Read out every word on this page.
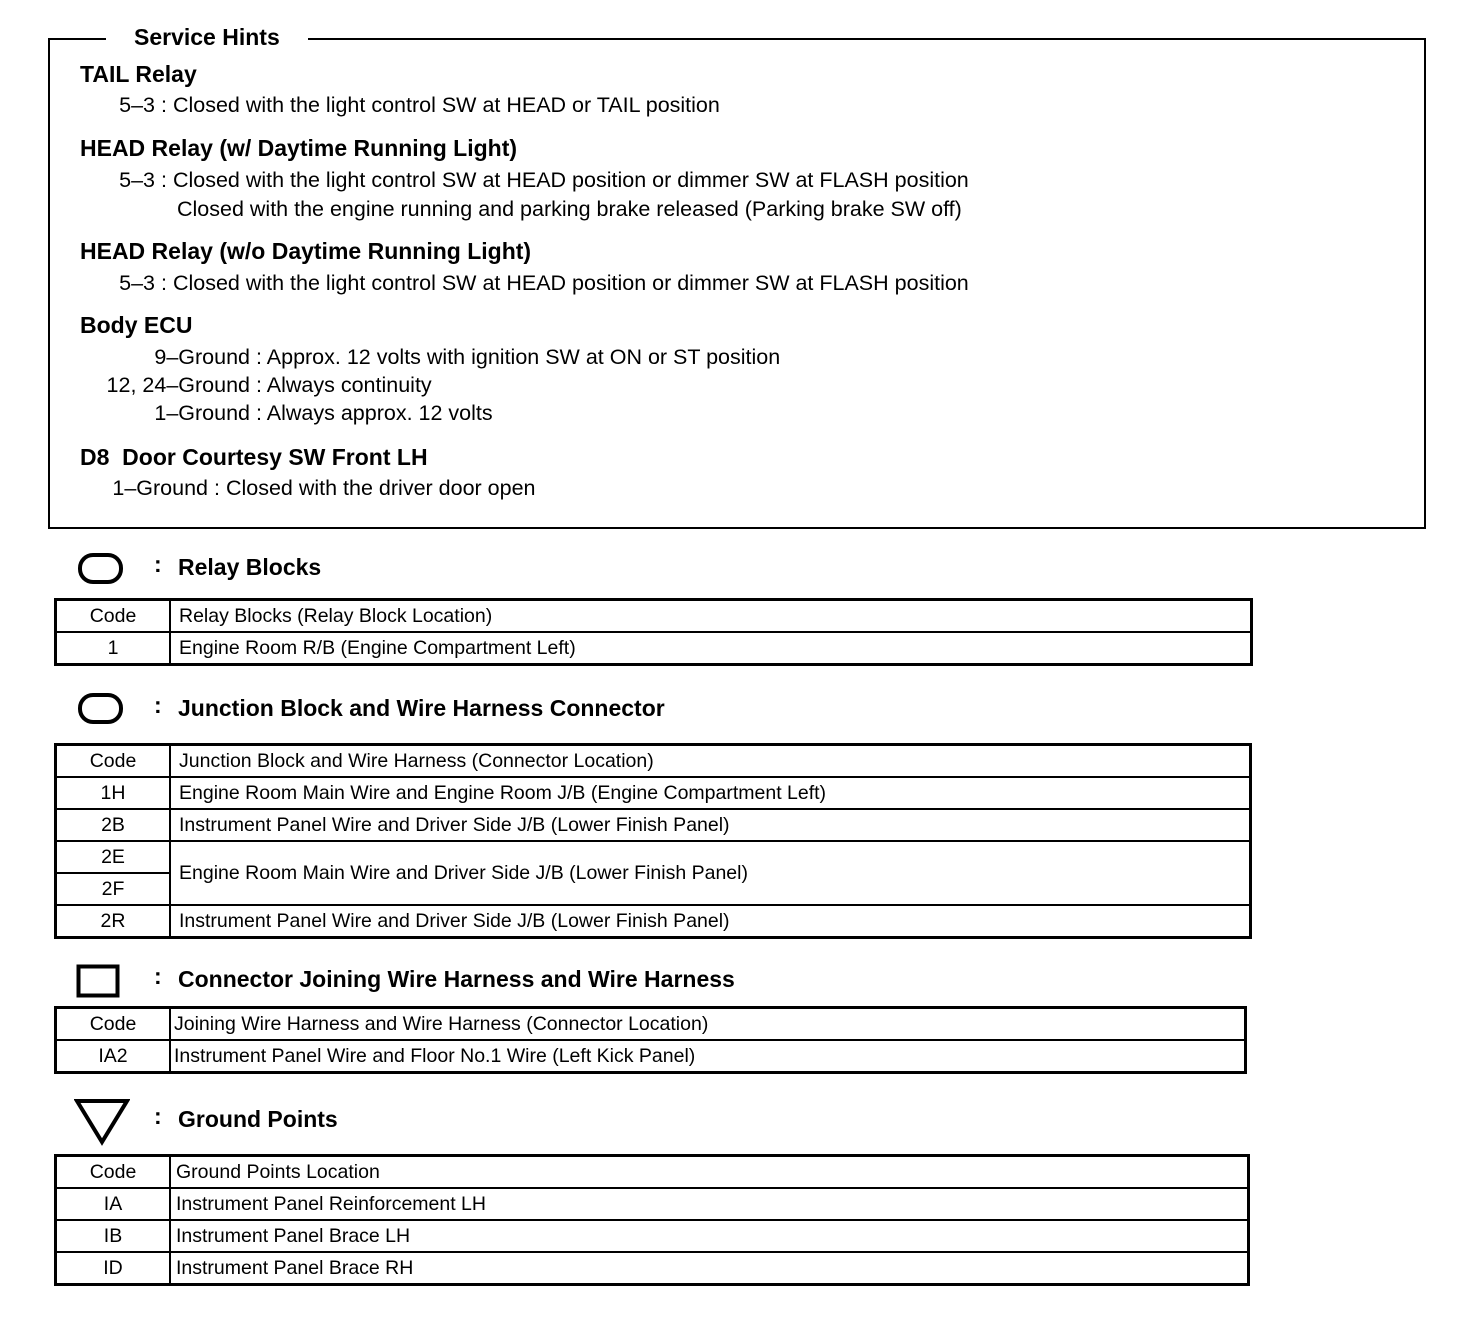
Service Hints
TAIL Relay
5–3 : Closed with the light control SW at HEAD or TAIL position
HEAD Relay (w/ Daytime Running Light)
5–3 : Closed with the light control SW at HEAD position or dimmer SW at FLASH position
Closed with the engine running and parking brake released (Parking brake SW off)
HEAD Relay (w/o Daytime Running Light)
5–3 : Closed with the light control SW at HEAD position or dimmer SW at FLASH position
Body ECU
9–Ground : Approx. 12 volts with ignition SW at ON or ST position
12, 24–Ground : Always continuity
1–Ground : Always approx. 12 volts
D8  Door Courtesy SW Front LH
1–Ground : Closed with the driver door open
: Relay Blocks
Code	Relay Blocks (Relay Block Location)
1	Engine Room R/B (Engine Compartment Left)
: Junction Block and Wire Harness Connector
Code	Junction Block and Wire Harness (Connector Location)
1H	Engine Room Main Wire and Engine Room J/B (Engine Compartment Left)
2B	Instrument Panel Wire and Driver Side J/B (Lower Finish Panel)
2E	Engine Room Main Wire and Driver Side J/B (Lower Finish Panel)
2F	
2R	Instrument Panel Wire and Driver Side J/B (Lower Finish Panel)
: Connector Joining Wire Harness and Wire Harness
Code	Joining Wire Harness and Wire Harness (Connector Location)
IA2	Instrument Panel Wire and Floor No.1 Wire (Left Kick Panel)
: Ground Points
Code	Ground Points Location
IA	Instrument Panel Reinforcement LH
IB	Instrument Panel Brace LH
ID	Instrument Panel Brace RH
